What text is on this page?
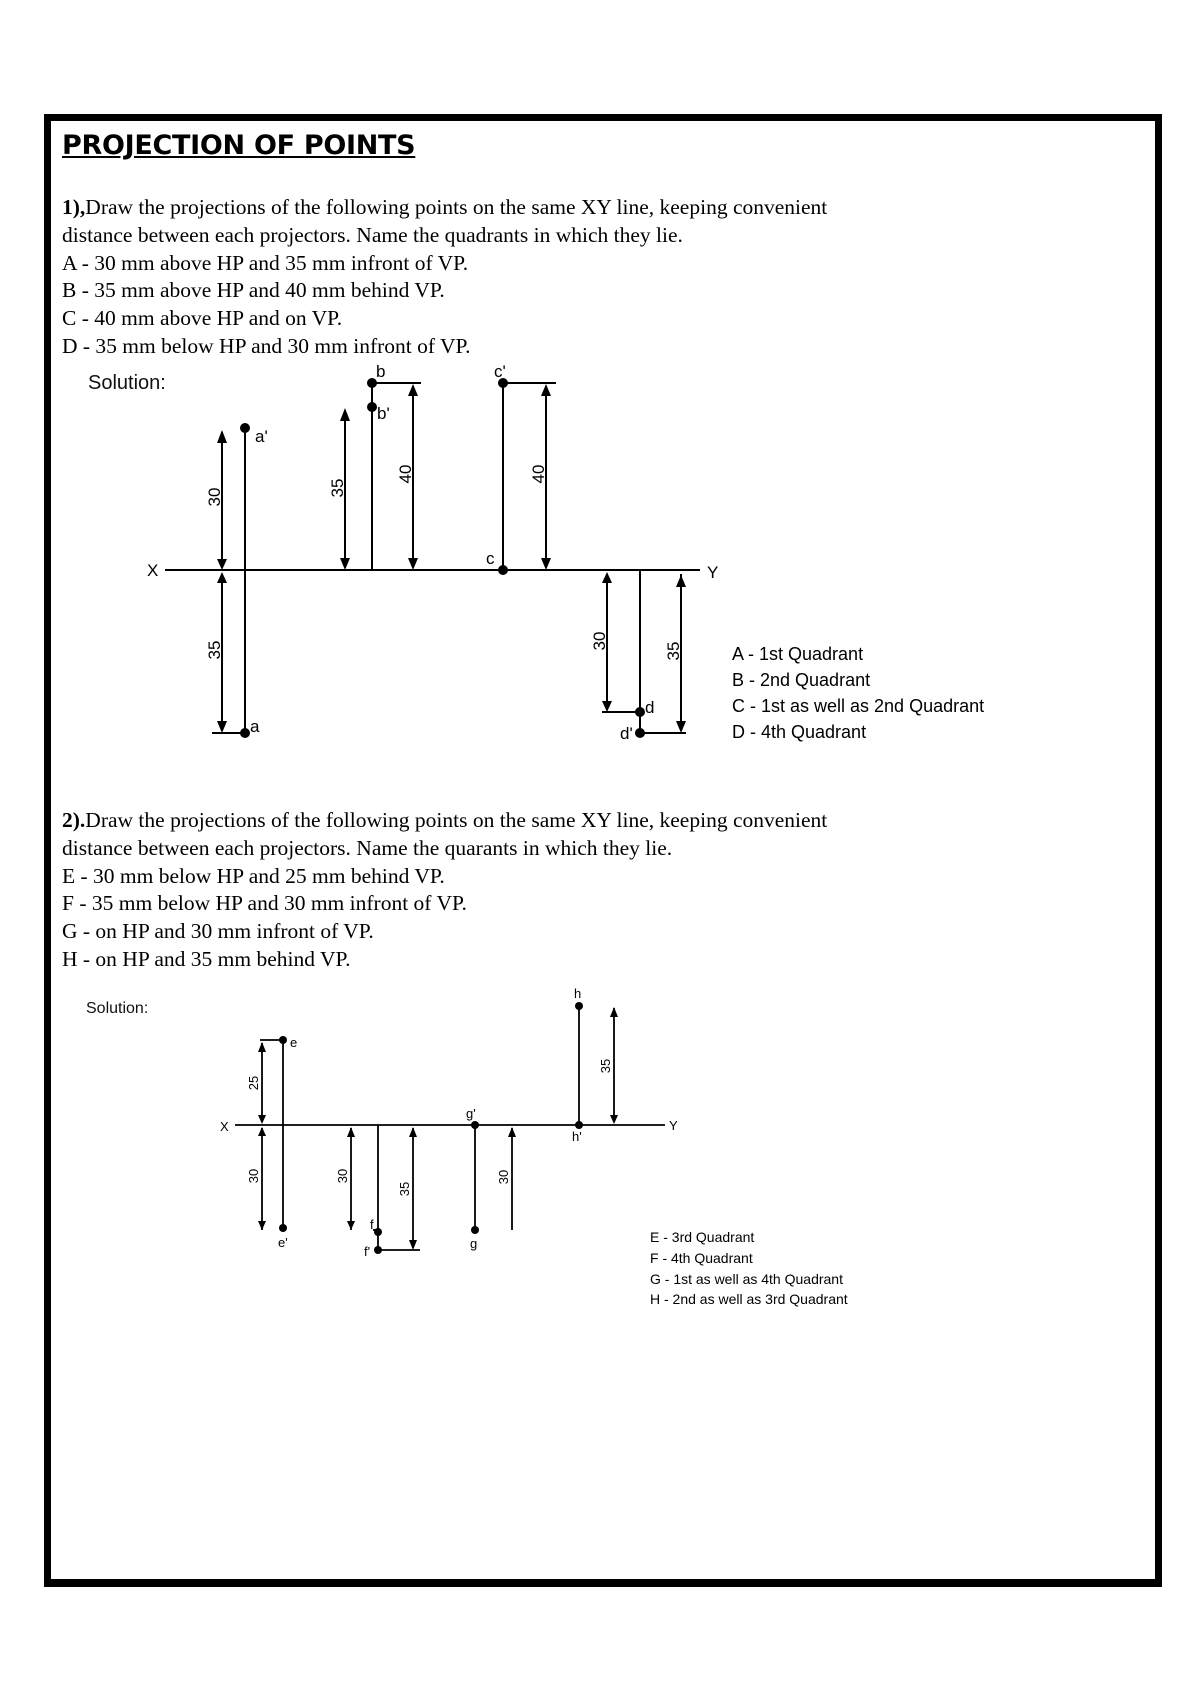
PROJECTION OF POINTS

1),Draw the projections of the following points on the same XY line, keeping convenient

distance between each projectors. Name the quadrants in which they lie.

A - 30 mm above HP and 35 mm infront of VP.

B - 35 mm above HP and 40 mm behind VP.

C - 40 mm above HP and on VP.

D - 35 mm below HP and 30 mm infront of VP.

Solution:
X	Y
a'
a
b
b'
c'
c
d
d'
30
35
35
40	40
30
35	A - 1st Quadrant
B - 2nd Quadrant
C - 1st as well as 2nd Quadrant
D - 4th Quadrant

2).Draw the projections of the following points on the same XY line, keeping convenient

distance between each projectors. Name the quarants in which they lie.

E - 30 mm below HP and 25 mm behind VP.

F - 35 mm below HP and 30 mm infront of VP.

G - on HP and 30 mm infront of VP.

H - on HP and 35 mm behind VP.

Solution:
X	Y
e
e'
f
f'
g'
g
h
h'
25
30	30
35
30
35
E - 3rd Quadrant
F - 4th Quadrant
G - 1st as well as 4th Quadrant
H - 2nd as well as 3rd Quadrant
